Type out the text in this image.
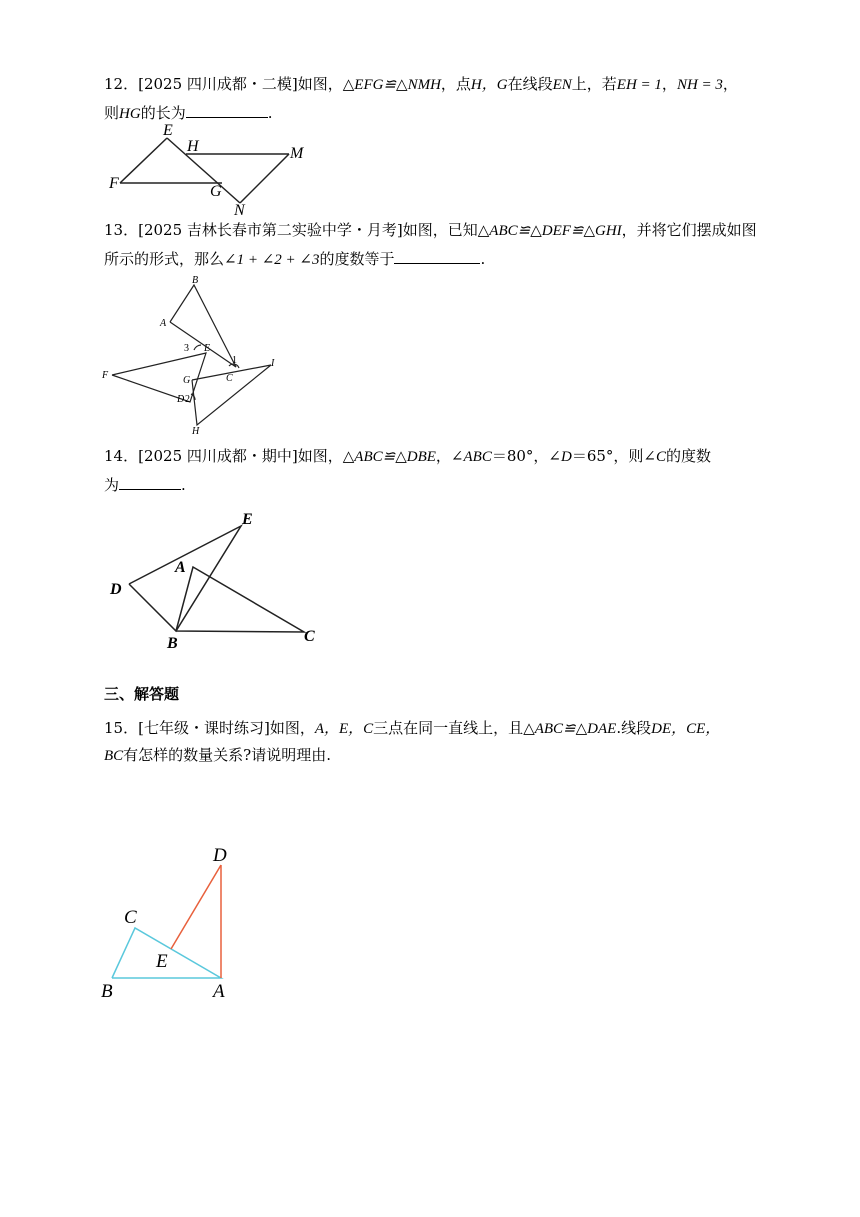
12．[2025 四川成都・二模]如图，△EFG≌△NMH，点H，G在线段EN上，若EH = 1，NH = 3，
则HG的长为	.
E
H	M
F	G
N
13．[2025 吉林长春市第二实验中学・月考]如图，已知△ABC≌△DEF≌△GHI，并将它们摆成如图
所示的形式，那么∠1 + ∠2 + ∠3的度数等于	.
B
A
E
3
1
C
F	G
I
D 2
H
14．[2025 四川成都・期中]如图，△ABC≌△DBE，∠ABC＝80°，∠D＝65°，则∠C的度数
为	.
E
A
D
B	C
三、解答题
15．[七年级・课时练习]如图，A，E，C三点在同一直线上，且△ABC≌△DAE.线段DE，CE，
BC有怎样的数量关系?请说明理由.
D
C
E
B	A
